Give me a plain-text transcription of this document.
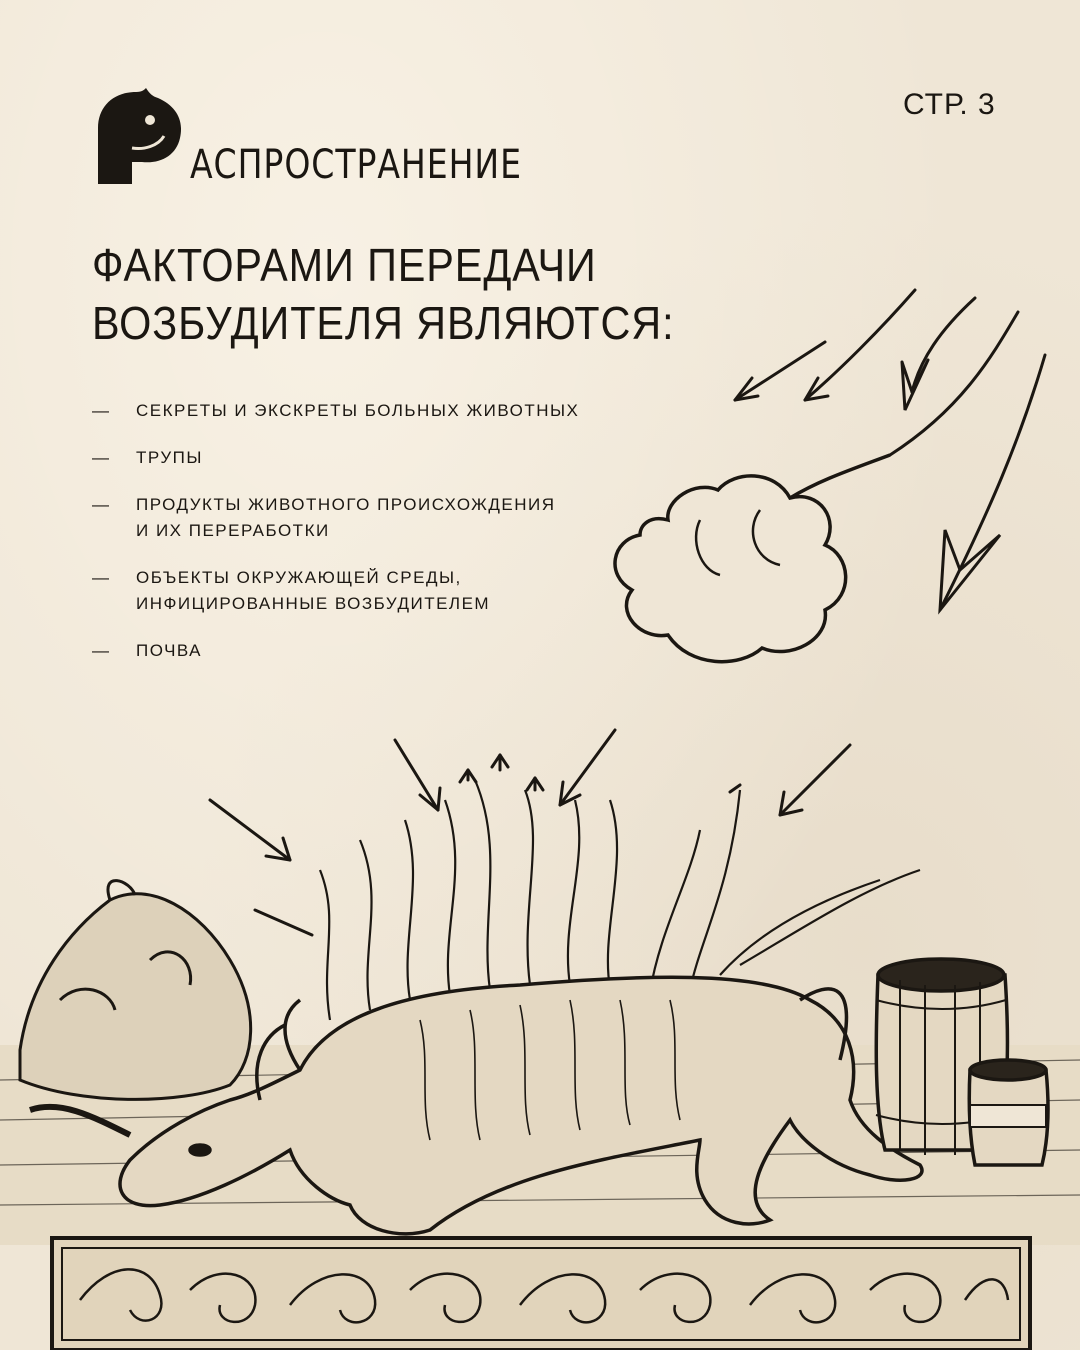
АСПРОСТРАНЕНИЕ
СТР. 3
ФАКТОРАМИ ПЕРЕДАЧИ
ВОЗБУДИТЕЛЯ ЯВЛЯЮТСЯ:
— СЕКРЕТЫ И ЭКСКРЕТЫ БОЛЬНЫХ ЖИВОТНЫХ
— ТРУПЫ
— ПРОДУКТЫ ЖИВОТНОГО ПРОИСХОЖДЕНИЯ
И ИХ ПЕРЕРАБОТКИ
— ОБЪЕКТЫ ОКРУЖАЮЩЕЙ СРЕДЫ,
ИНФИЦИРОВАННЫЕ ВОЗБУДИТЕЛЕМ
— ПОЧВА
